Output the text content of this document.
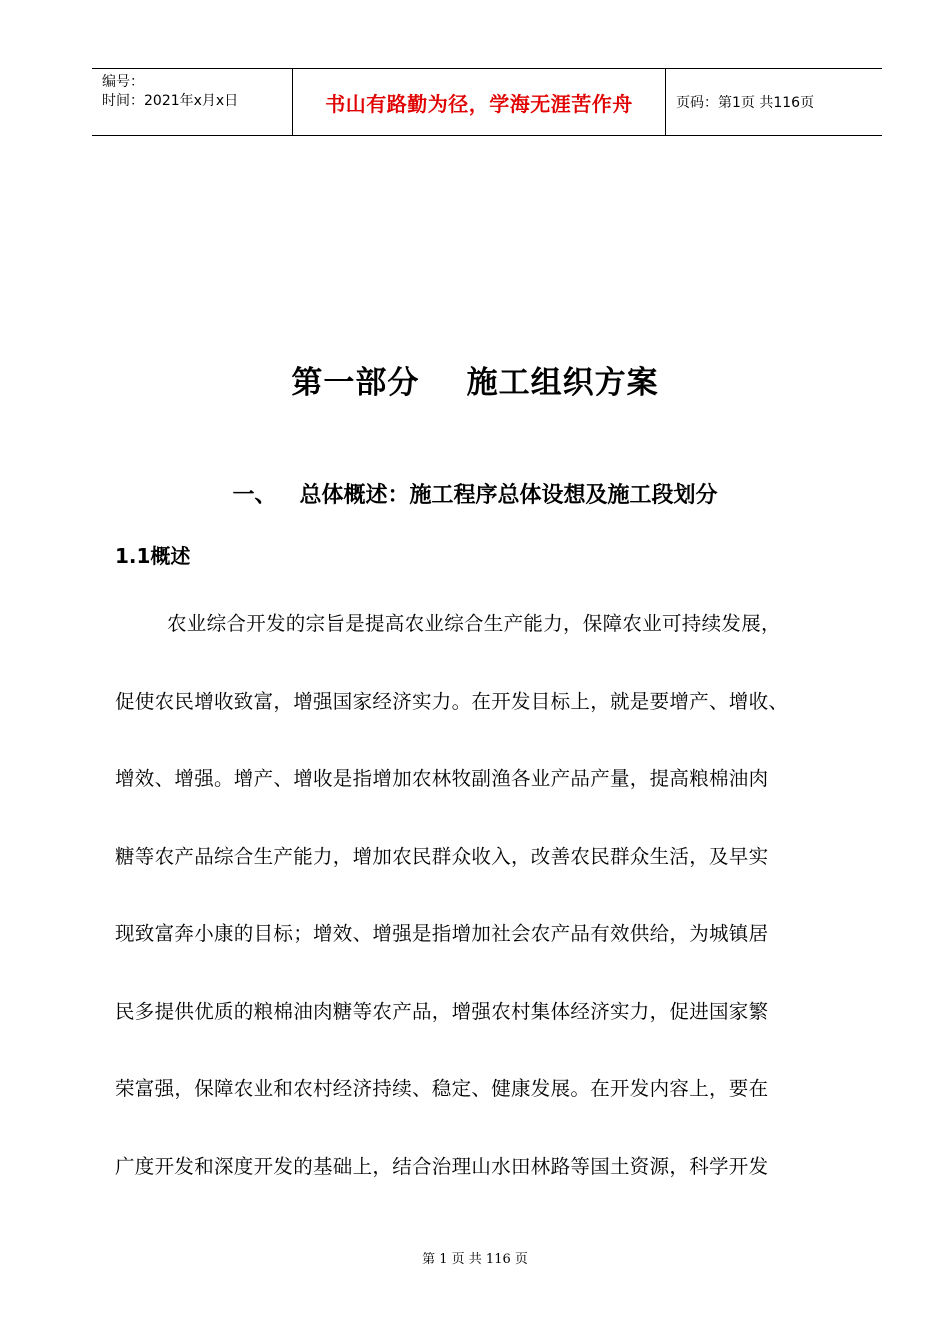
编号：
时间：2021年x月x日	书山有路勤为径，学海无涯苦作舟	页码：第1页 共116页
第一部分    施工组织方案
一、   总体概述：施工程序总体设想及施工段划分
1.1概述
农业综合开发的宗旨是提高农业综合生产能力，保障农业可持续发展，
促使农民增收致富，增强国家经济实力。在开发目标上，就是要增产、增收、
增效、增强。增产、增收是指增加农林牧副渔各业产品产量，提高粮棉油肉
糖等农产品综合生产能力，增加农民群众收入，改善农民群众生活，及早实
现致富奔小康的目标；增效、增强是指增加社会农产品有效供给，为城镇居
民多提供优质的粮棉油肉糖等农产品，增强农村集体经济实力，促进国家繁
荣富强，保障农业和农村经济持续、稳定、健康发展。在开发内容上，要在
广度开发和深度开发的基础上，结合治理山水田林路等国土资源，科学开发
第 1 页 共 116 页
